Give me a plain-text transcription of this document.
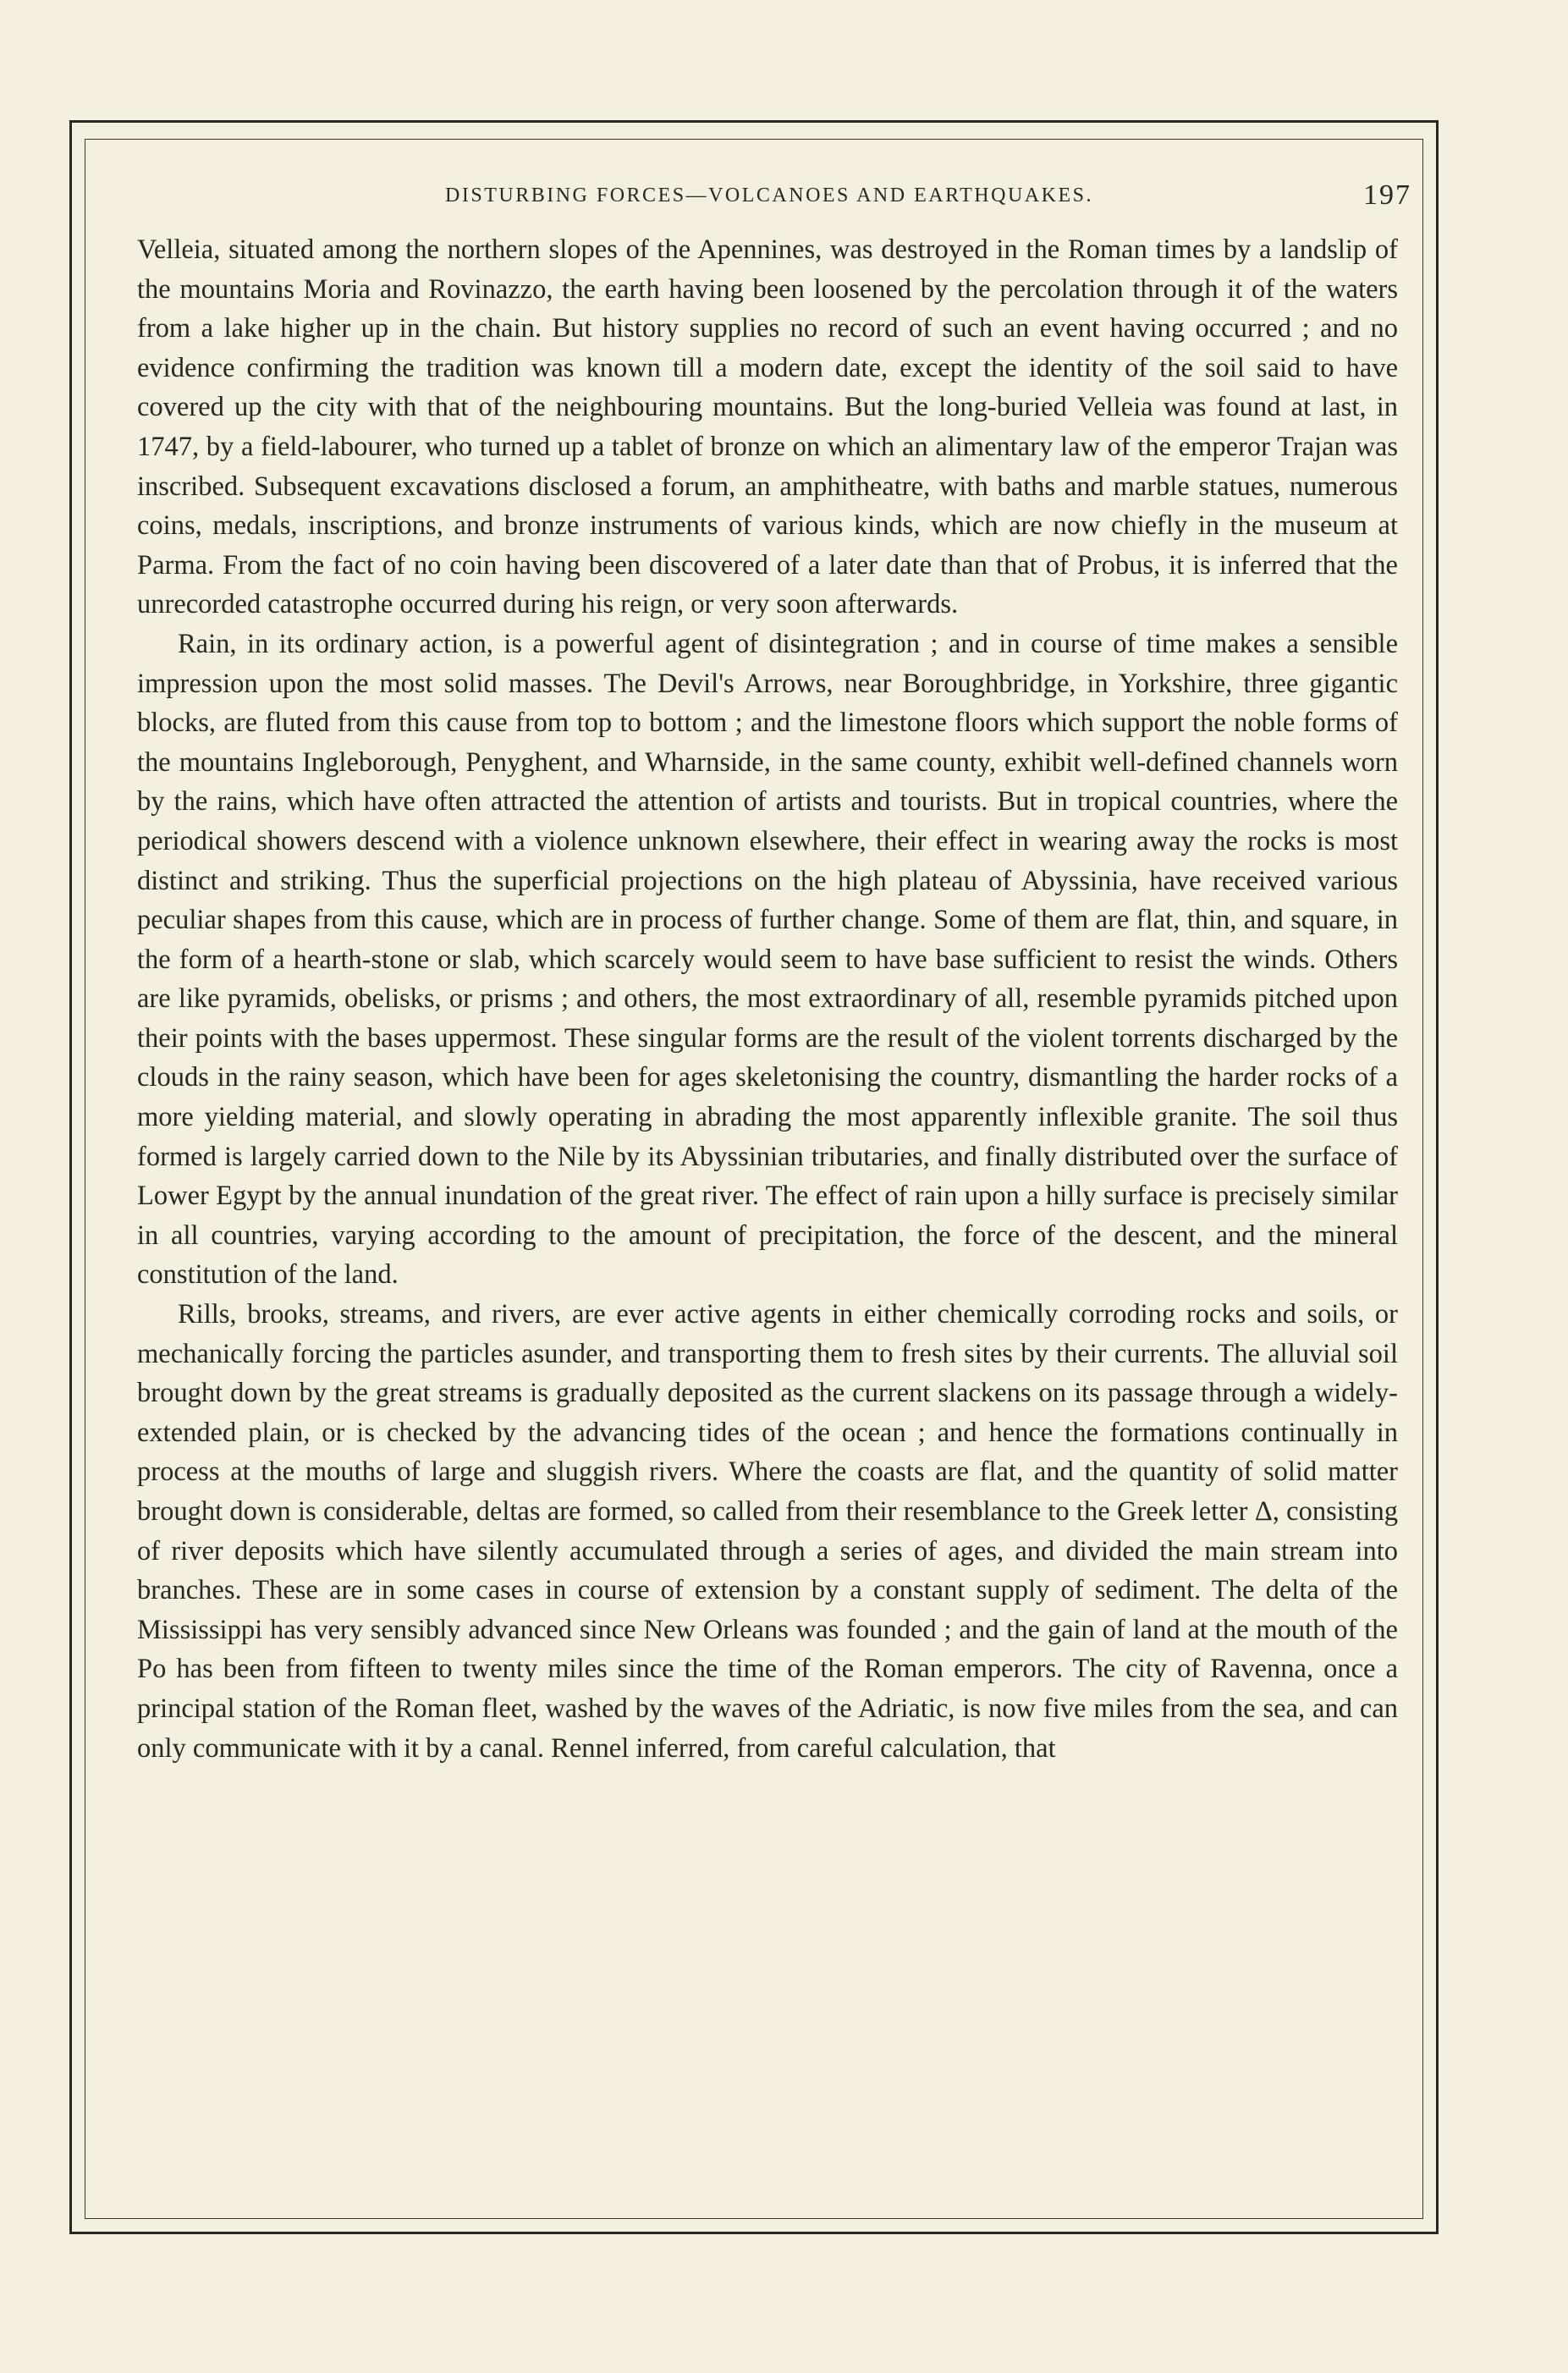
DISTURBING FORCES—VOLCANOES AND EARTHQUAKES.	197

Velleia, situated among the northern slopes of the Apennines, was destroyed in the Roman times by a landslip of the mountains Moria and Rovinazzo, the earth having been loosened by the percolation through it of the waters from a lake higher up in the chain. But history supplies no record of such an event having occurred ; and no evidence confirming the tradition was known till a modern date, except the identity of the soil said to have covered up the city with that of the neighbouring mountains. But the long-buried Velleia was found at last, in 1747, by a field-labourer, who turned up a tablet of bronze on which an alimentary law of the emperor Trajan was inscribed. Subsequent excavations disclosed a forum, an amphitheatre, with baths and marble statues, numerous coins, medals, inscriptions, and bronze instruments of various kinds, which are now chiefly in the museum at Parma. From the fact of no coin having been discovered of a later date than that of Probus, it is inferred that the unrecorded catastrophe occurred during his reign, or very soon afterwards.

Rain, in its ordinary action, is a powerful agent of disintegration ; and in course of time makes a sensible impression upon the most solid masses. The Devil's Arrows, near Boroughbridge, in Yorkshire, three gigantic blocks, are fluted from this cause from top to bottom ; and the limestone floors which support the noble forms of the mountains Ingleborough, Penyghent, and Wharnside, in the same county, exhibit well-defined channels worn by the rains, which have often attracted the attention of artists and tourists. But in tropical countries, where the periodical showers descend with a violence unknown elsewhere, their effect in wearing away the rocks is most distinct and striking. Thus the superficial projections on the high plateau of Abyssinia, have received various peculiar shapes from this cause, which are in process of further change. Some of them are flat, thin, and square, in the form of a hearth-stone or slab, which scarcely would seem to have base sufficient to resist the winds. Others are like pyramids, obelisks, or prisms ; and others, the most extraordinary of all, resemble pyramids pitched upon their points with the bases uppermost. These singular forms are the result of the violent torrents discharged by the clouds in the rainy season, which have been for ages skeletonising the country, dismantling the harder rocks of a more yielding material, and slowly operating in abrading the most apparently inflexible granite. The soil thus formed is largely carried down to the Nile by its Abyssinian tributaries, and finally distributed over the surface of Lower Egypt by the annual inundation of the great river. The effect of rain upon a hilly surface is precisely similar in all countries, varying according to the amount of precipitation, the force of the descent, and the mineral constitution of the land.

Rills, brooks, streams, and rivers, are ever active agents in either chemically corroding rocks and soils, or mechanically forcing the particles asunder, and transporting them to fresh sites by their currents. The alluvial soil brought down by the great streams is gradually deposited as the current slackens on its passage through a widely-extended plain, or is checked by the advancing tides of the ocean ; and hence the formations continually in process at the mouths of large and sluggish rivers. Where the coasts are flat, and the quantity of solid matter brought down is considerable, deltas are formed, so called from their resemblance to the Greek letter Δ, consisting of river deposits which have silently accumulated through a series of ages, and divided the main stream into branches. These are in some cases in course of extension by a constant supply of sediment. The delta of the Mississippi has very sensibly advanced since New Orleans was founded ; and the gain of land at the mouth of the Po has been from fifteen to twenty miles since the time of the Roman emperors. The city of Ravenna, once a principal station of the Roman fleet, washed by the waves of the Adriatic, is now five miles from the sea, and can only communicate with it by a canal. Rennel inferred, from careful calculation, that
